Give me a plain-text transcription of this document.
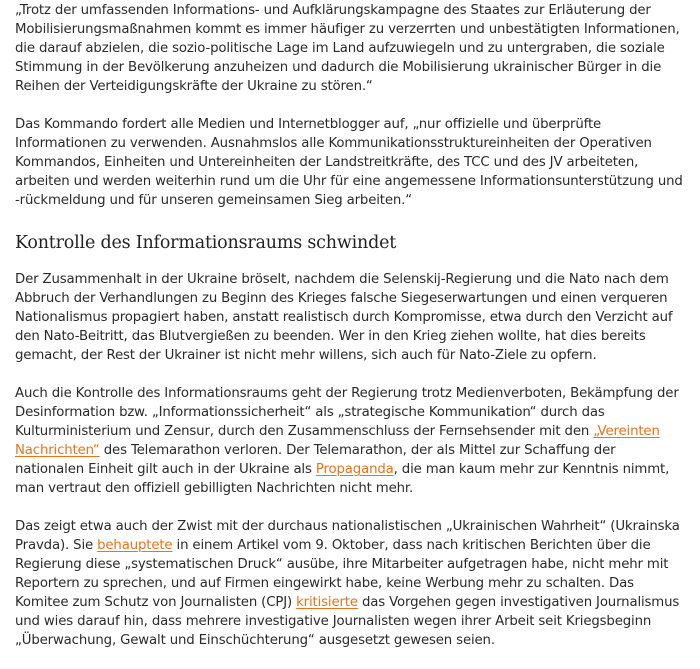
„Trotz der umfassenden Informations- und Aufklärungskampagne des Staates zur Erläuterung der Mobilisierungsmaßnahmen kommt es immer häufiger zu verzerrten und unbestätigten Informationen, die darauf abzielen, die sozio-politische Lage im Land aufzuwiegeln und zu untergraben, die soziale Stimmung in der Bevölkerung anzuheizen und dadurch die Mobilisierung ukrainischer Bürger in die Reihen der Verteidigungskräfte der Ukraine zu stören.“

Das Kommando fordert alle Medien und Internetblogger auf, „nur offizielle und überprüfte Informationen zu verwenden. Ausnahmslos alle Kommunikationsstruktureinheiten der Operativen Kommandos, Einheiten und Untereinheiten der Landstreitkräfte, des TCC und des JV arbeiteten, arbeiten und werden weiterhin rund um die Uhr für eine angemessene Informationsunterstützung und -rückmeldung und für unseren gemeinsamen Sieg arbeiten.“

Kontrolle des Informationsraums schwindet

Der Zusammenhalt in der Ukraine bröselt, nachdem die Selenskij-Regierung und die Nato nach dem Abbruch der Verhandlungen zu Beginn des Krieges falsche Siegeserwartungen und einen verqueren Nationalismus propagiert haben, anstatt realistisch durch Kompromisse, etwa durch den Verzicht auf den Nato-Beitritt, das Blutvergießen zu beenden. Wer in den Krieg ziehen wollte, hat dies bereits gemacht, der Rest der Ukrainer ist nicht mehr willens, sich auch für Nato-Ziele zu opfern.

Auch die Kontrolle des Informationsraums geht der Regierung trotz Medienverboten, Bekämpfung der Desinformation bzw. „Informationssicherheit“ als „strategische Kommunikation“ durch das Kulturministerium und Zensur, durch den Zusammenschluss der Fernsehsender mit den „Vereinten Nachrichten“ des Telemarathon verloren. Der Telemarathon, der als Mittel zur Schaffung der nationalen Einheit gilt auch in der Ukraine als Propaganda, die man kaum mehr zur Kenntnis nimmt, man vertraut den offiziell gebilligten Nachrichten nicht mehr.

Das zeigt etwa auch der Zwist mit der durchaus nationalistischen „Ukrainischen Wahrheit“ (Ukrainska Pravda). Sie behauptete in einem Artikel vom 9. Oktober, dass nach kritischen Berichten über die Regierung diese „systematischen Druck“ ausübe, ihre Mitarbeiter aufgetragen habe, nicht mehr mit Reportern zu sprechen, und auf Firmen eingewirkt habe, keine Werbung mehr zu schalten. Das Komitee zum Schutz von Journalisten (CPJ) kritisierte das Vorgehen gegen investigativen Journalismus und wies darauf hin, dass mehrere investigative Journalisten wegen ihrer Arbeit seit Kriegsbeginn „Überwachung, Gewalt und Einschüchterung“ ausgesetzt gewesen seien.
